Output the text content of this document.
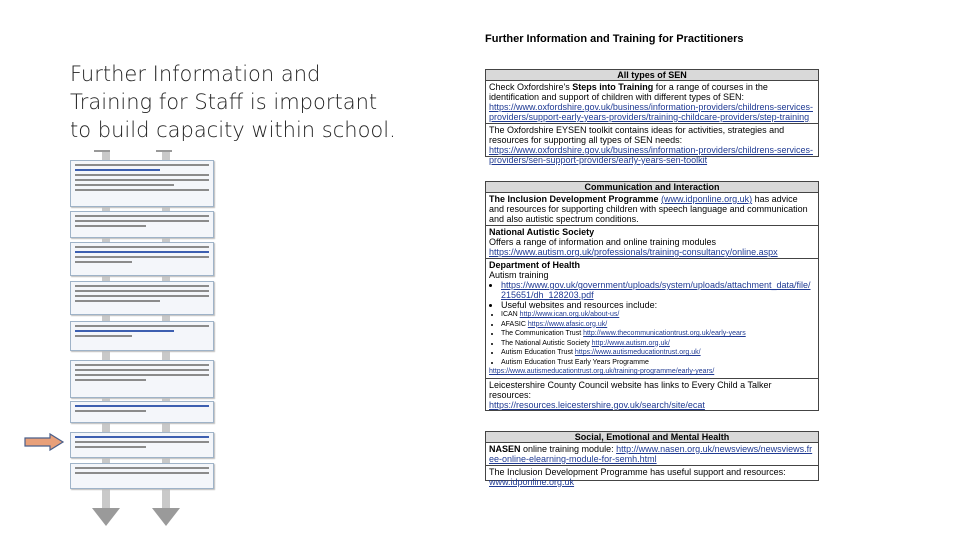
Further Information and Training for Staff is important to build capacity within school.
Further Information and Training for Practitioners
All types of SEN
Check Oxfordshire's Steps into Training for a range of courses in the identification and support of children with different types of SEN:
https://www.oxfordshire.gov.uk/business/information-providers/childrens-services-providers/support-early-years-providers/training-childcare-providers/step-training
The Oxfordshire EYSEN toolkit contains ideas for activities, strategies and resources for supporting all types of SEN needs:
https://www.oxfordshire.gov.uk/business/information-providers/childrens-services-providers/sen-support-providers/early-years-sen-toolkit
Communication and Interaction
The Inclusion Development Programme (www.idponline.org.uk) has advice and resources for supporting children with speech language and communication and also autistic spectrum conditions.
National Autistic Society
Offers a range of information and online training modules
https://www.autism.org.uk/professionals/training-consultancy/online.aspx
Department of Health
Autism training
• https://www.gov.uk/government/uploads/system/uploads/attachment_data/file/215651/dh_128203.pdf
• Useful websites and resources include:
• ICAN http://www.ican.org.uk/about-us/
• AFASIC https://www.afasic.org.uk/
• The Communication Trust http://www.thecommunicationtrust.org.uk/early-years
• The National Autistic Society http://www.autism.org.uk/
• Autism Education Trust https://www.autismeducationtrust.org.uk/
• Autism Education Trust Early Years Programme
https://www.autismeducationtrust.org.uk/training-programme/early-years/
Leicestershire County Council website has links to Every Child a Talker resources:
https://resources.leicestershire.gov.uk/search/site/ecat
Social, Emotional and Mental Health
NASEN online training module: http://www.nasen.org.uk/newsviews/newsviews.free-online-elearning-module-for-semh.html
The Inclusion Development Programme has useful support and resources:
www.idponline.org.uk
